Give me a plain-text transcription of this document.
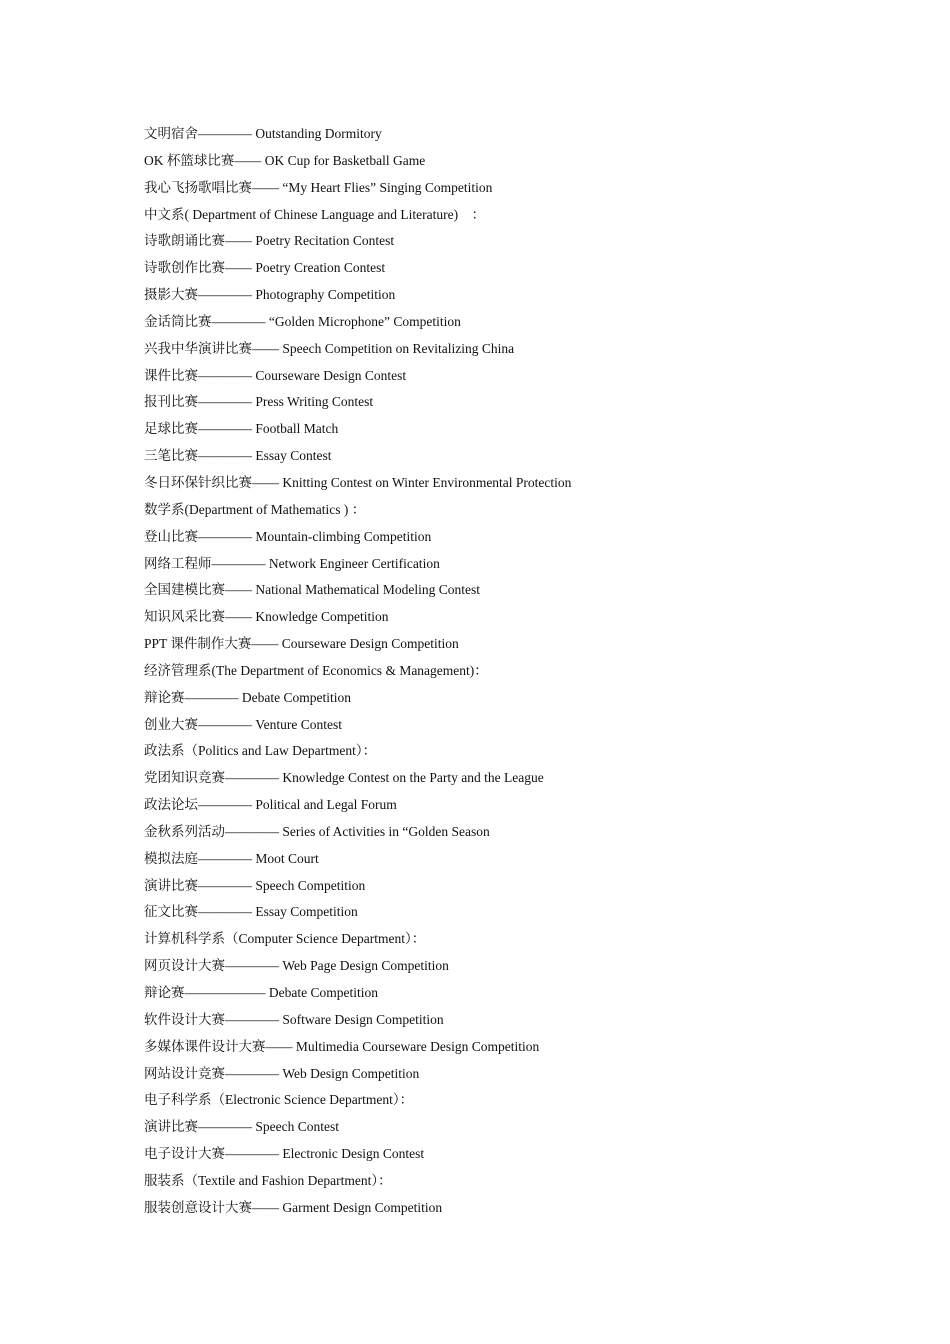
文明宿舍———— Outstanding Dormitory
OK 杯篮球比赛—— OK Cup for Basketball Game
我心飞扬歌唱比赛—— “My Heart Flies” Singing Competition
中文系( Department of Chinese Language and Literature)　：
诗歌朗诵比赛—— Poetry Recitation Contest
诗歌创作比赛—— Poetry Creation Contest
摄影大赛———— Photography Competition
金话筒比赛———— “Golden Microphone” Competition
兴我中华演讲比赛—— Speech Competition on Revitalizing China
课件比赛———— Courseware Design Contest
报刊比赛———— Press Writing Contest
足球比赛———— Football Match
三笔比赛———— Essay Contest
冬日环保针织比赛—— Knitting Contest on Winter Environmental Protection
数学系(Department of Mathematics ) ：
登山比赛———— Mountain-climbing Competition
网络工程师———— Network Engineer Certification
全国建模比赛—— National Mathematical Modeling Contest
知识风采比赛—— Knowledge Competition
PPT 课件制作大赛—— Courseware Design Competition
经济管理系(The Department of Economics & Management)：
辩论赛———— Debate Competition
创业大赛———— Venture Contest
政法系（Politics and Law Department）：
党团知识竞赛———— Knowledge Contest on the Party and the League
政法论坛———— Political and Legal Forum
金秋系列活动———— Series of Activities in “Golden Season
模拟法庭———— Moot Court
演讲比赛———— Speech Competition
征文比赛———— Essay Competition
计算机科学系（Computer Science Department）：
网页设计大赛———— Web Page Design Competition
辩论赛—————— Debate Competition
软件设计大赛———— Software Design Competition
多媒体课件设计大赛—— Multimedia Courseware Design Competition
网站设计竞赛———— Web Design Competition
电子科学系（Electronic Science Department）：
演讲比赛———— Speech Contest
电子设计大赛———— Electronic Design Contest
服装系（Textile and Fashion Department）：
服装创意设计大赛—— Garment Design Competition
